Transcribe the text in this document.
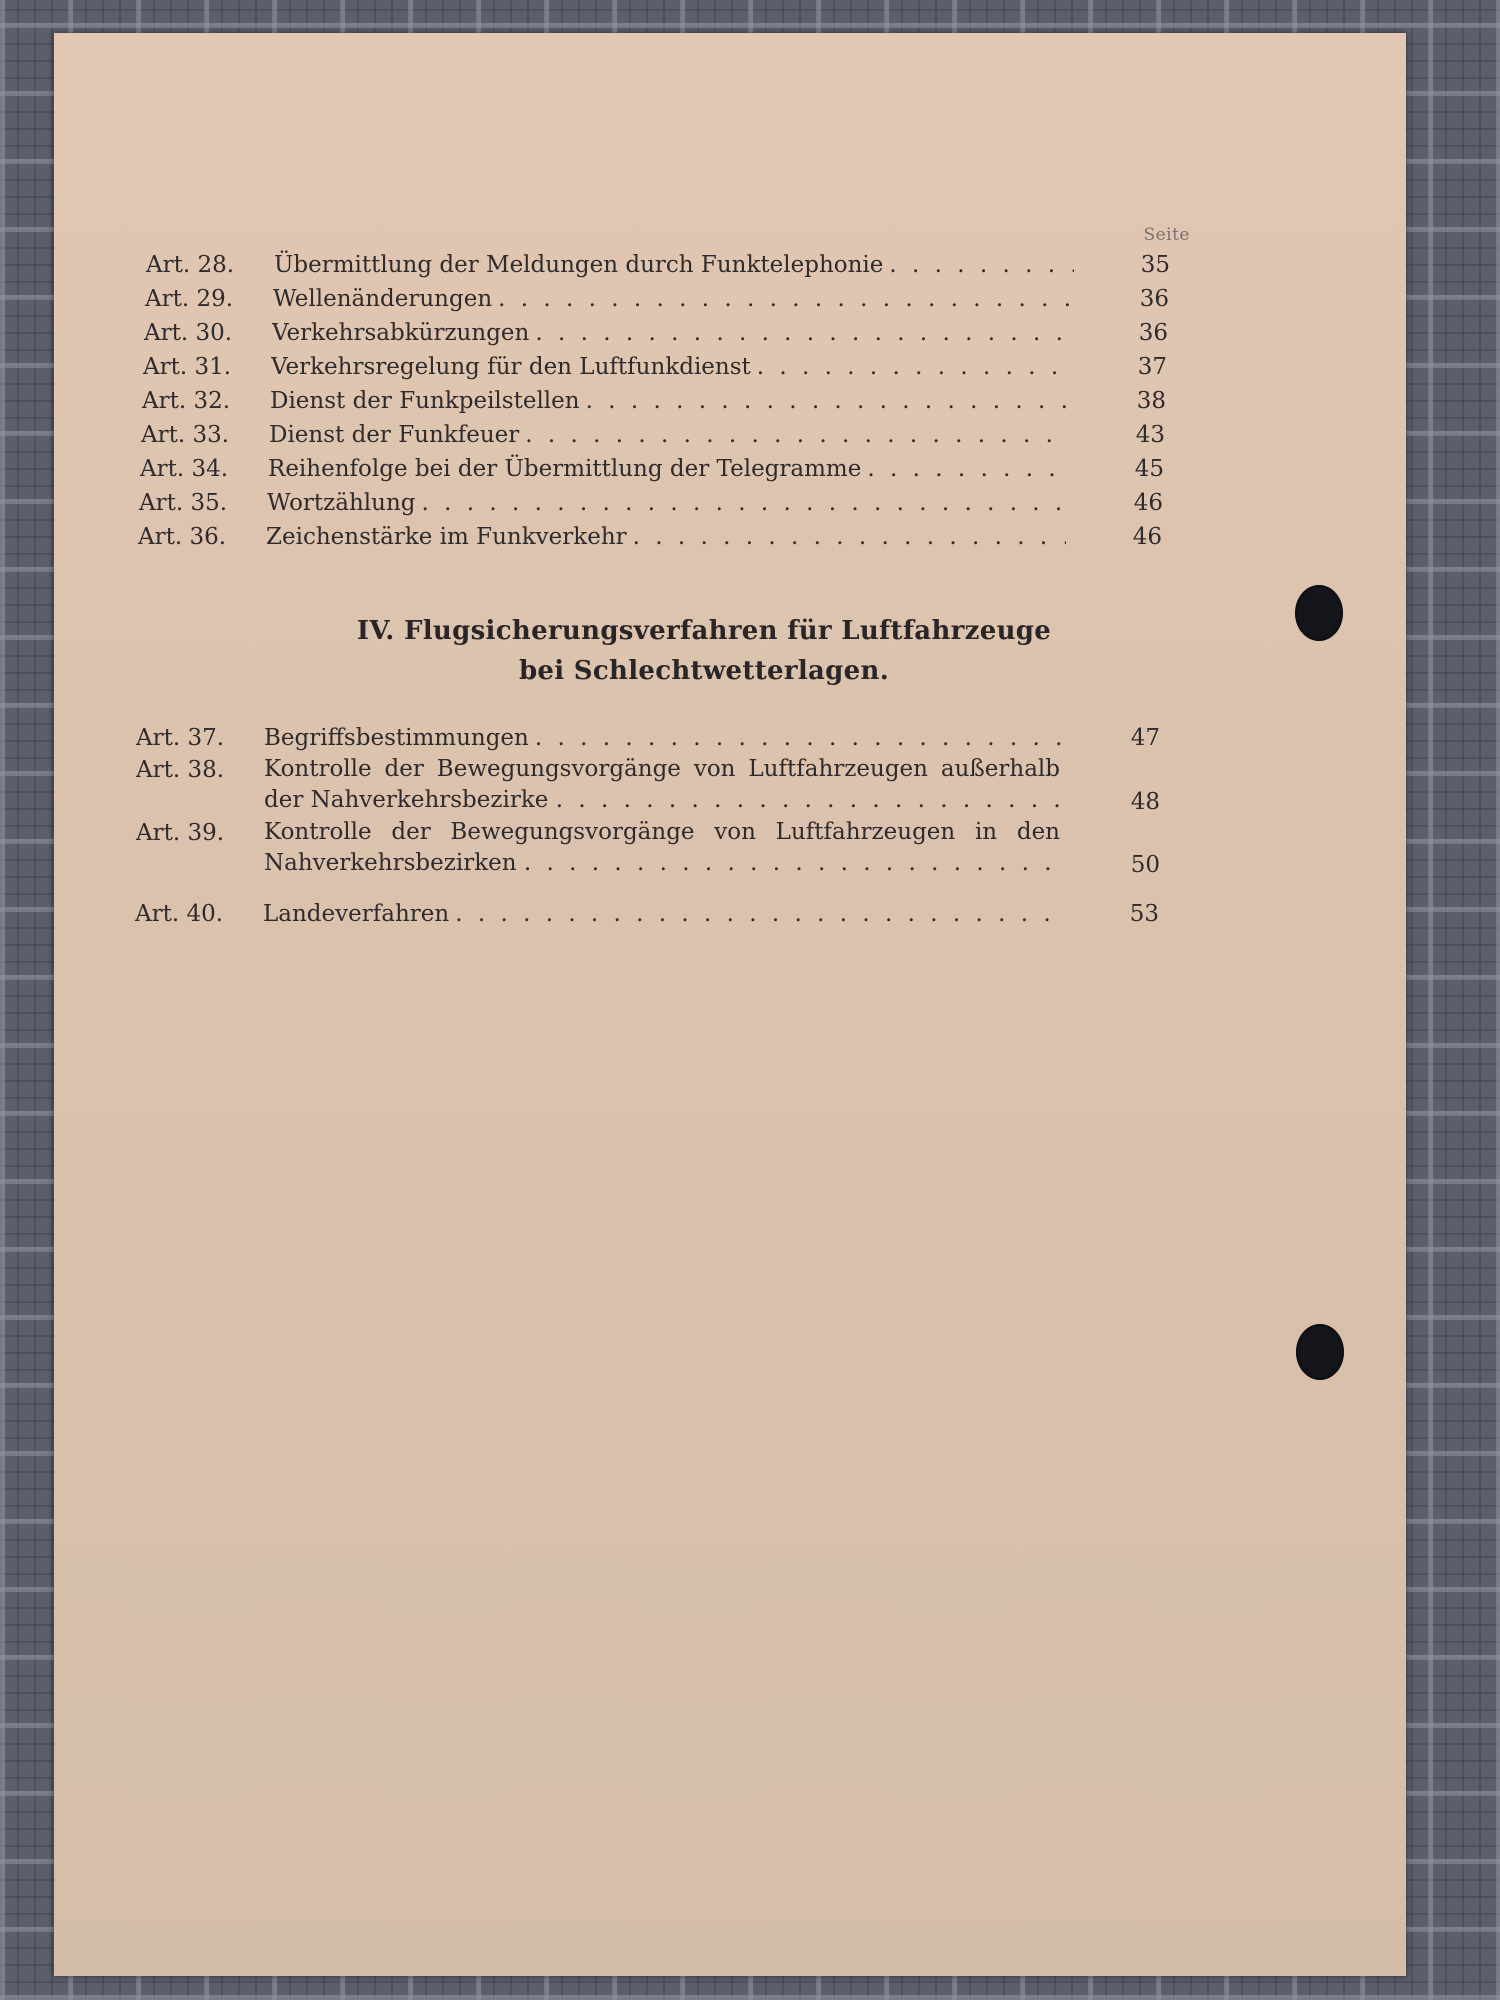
Seite
Art. 28.	Übermittlung der Meldungen durch Funktelephonie . . .	35
Art. 29.	Wellenänderungen . . .	36
Art. 30.	Verkehrsabkürzungen . . .	36
Art. 31.	Verkehrsregelung für den Luftfunkdienst . . .	37
Art. 32.	Dienst der Funkpeilstellen . . .	38
Art. 33.	Dienst der Funkfeuer . . .	43
Art. 34.	Reihenfolge bei der Übermittlung der Telegramme . . .	45
Art. 35.	Wortzählung . . .	46
Art. 36.	Zeichenstärke im Funkverkehr . . .	46
IV. Flugsicherungsverfahren für Luftfahrzeuge
bei Schlechtwetterlagen.
Art. 37.	Begriffsbestimmungen . . .	47
Art. 38.	Kontrolle der Bewegungsvorgänge von Luftfahrzeugen außerhalb
der Nahverkehrsbezirke . . .	48
Art. 39.	Kontrolle der Bewegungsvorgänge von Luftfahrzeugen in den
Nahverkehrsbezirken . . .	50
Art. 40.	Landeverfahren . . .	53
